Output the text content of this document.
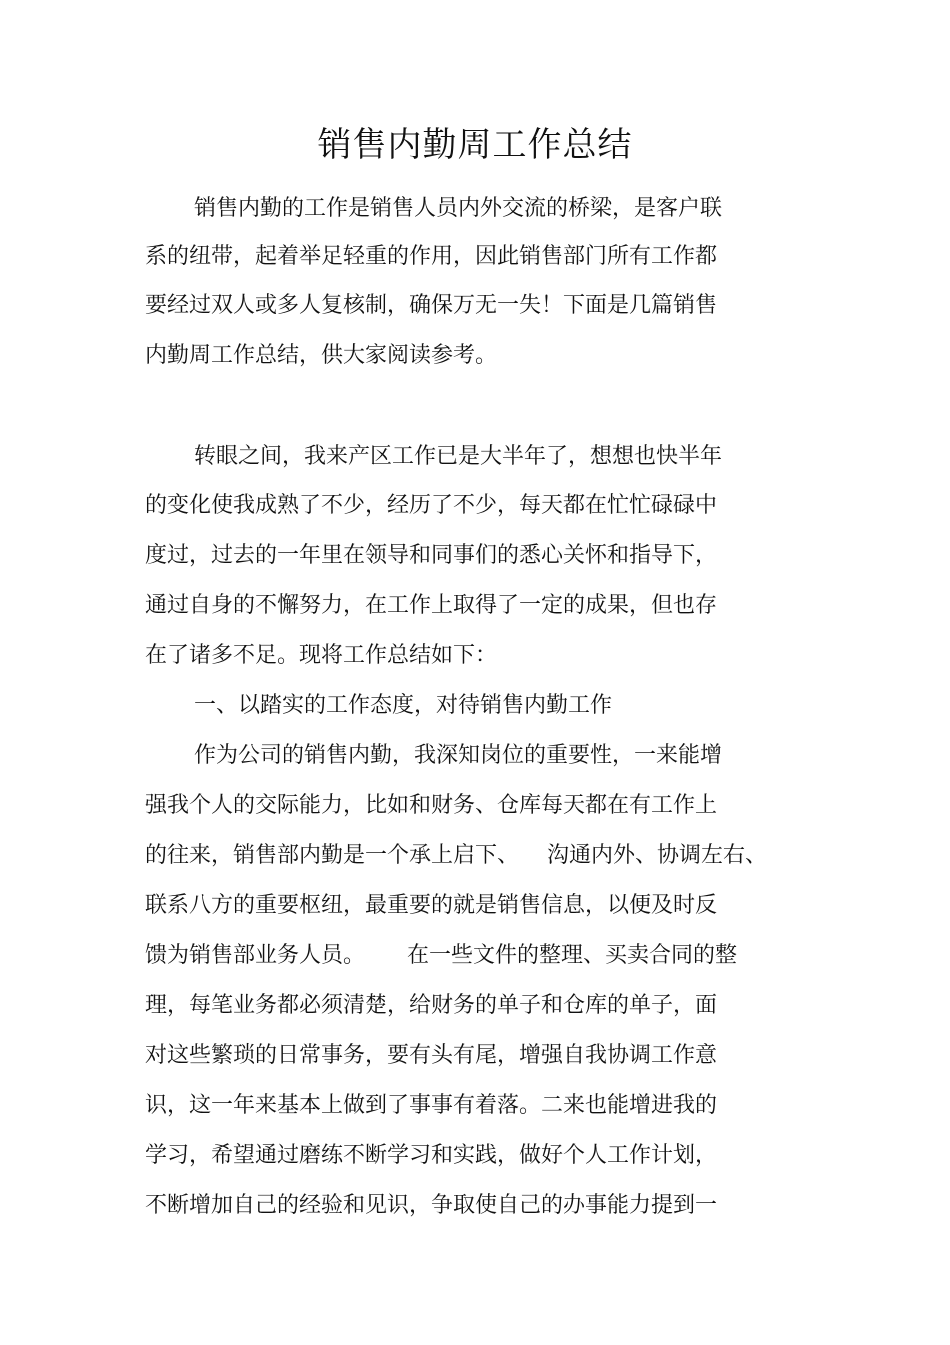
销售内勤周工作总结

销售内勤的工作是销售人员内外交流的桥梁，是客户联

系的纽带，起着举足轻重的作用，因此销售部门所有工作都

要经过双人或多人复核制，确保万无一失！下面是几篇销售

内勤周工作总结，供大家阅读参考。

转眼之间，我来产区工作已是大半年了，想想也快半年

的变化使我成熟了不少，经历了不少，每天都在忙忙碌碌中

度过，过去的一年里在领导和同事们的悉心关怀和指导下，

通过自身的不懈努力，在工作上取得了一定的成果，但也存

在了诸多不足。现将工作总结如下：

一、以踏实的工作态度，对待销售内勤工作

作为公司的销售内勤，我深知岗位的重要性，一来能增

强我个人的交际能力，比如和财务、仓库每天都在有工作上

的往来，销售部内勤是一个承上启下、    沟通内外、协调左右、

联系八方的重要枢纽，最重要的就是销售信息，以便及时反

馈为销售部业务人员。      在一些文件的整理、买卖合同的整

理，每笔业务都必须清楚，给财务的单子和仓库的单子，面

对这些繁琐的日常事务，要有头有尾，增强自我协调工作意

识，这一年来基本上做到了事事有着落。二来也能增进我的

学习，希望通过磨练不断学习和实践，做好个人工作计划，

不断增加自己的经验和见识，争取使自己的办事能力提到一
